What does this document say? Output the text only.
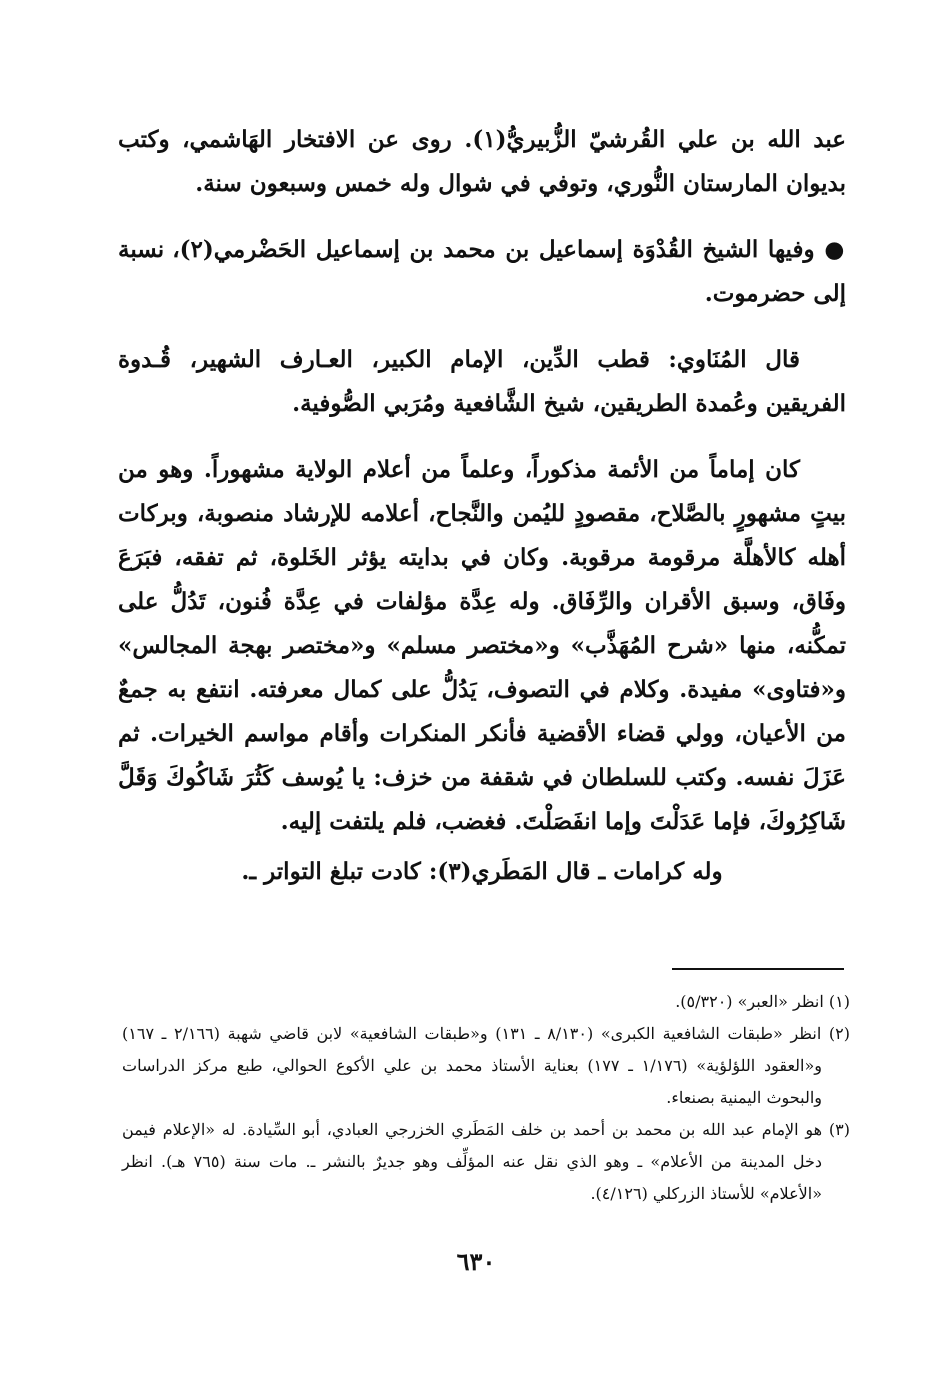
عبد الله بن علي القُرشيّ الزُّبيريُّ(١). روى عن الافتخار الهَاشمي، وكتب بديوان المارستان النُّوري، وتوفي في شوال وله خمس وسبعون سنة.

● وفيها الشيخ القُدْوَة إسماعيل بن محمد بن إسماعيل الحَضْرمي(٢)، نسبة إلى حضرموت.

قال المُنَاوي: قطب الدِّين، الإمام الكبير، العـارف الشهير، قُـدوة الفريقين وعُمدة الطريقين، شيخ الشَّافعية ومُرَبي الصُّوفية.

كان إماماً من الأئمة مذكوراً، وعلماً من أعلام الولاية مشهوراً. وهو من بيتٍ مشهورٍ بالصَّلاح، مقصودٍ لليُمن والنَّجاح، أعلامه للإرشاد منصوبة، وبركات أهله كالأهلَّة مرقومة مرقوبة. وكان في بدايته يؤثر الخَلوة، ثم تفقه، فبَرَعَ وفَاق، وسبق الأقران والرِّفَاق. وله عِدَّة مؤلفات في عِدَّة فُنون، تَدُلُّ على تمكُّنه، منها «شرح المُهَذَّب» و«مختصر مسلم» و«مختصر بهجة المجالس» و«فتاوى» مفيدة. وكلام في التصوف، يَدُلُّ على كمال معرفته. انتفع به جمعٌ من الأعيان، وولي قضاء الأقضية فأنكر المنكرات وأقام مواسم الخيرات. ثم عَزَلَ نفسه. وكتب للسلطان في شقفة من خزف: يا يُوسف كَثُرَ شَاكُوكَ وَقَلَّ شَاكِرُوكَ، فإما عَدَلْتَ وإما انفَصَلْتَ. فغضب، فلم يلتفت إليه.

وله كرامات ـ قال المَطَري(٣): كادت تبلغ التواتر ـ.

(١) انظر «العبر» (٥/٣٢٠).

(٢) انظر «طبقات الشافعية الكبرى» (٨/١٣٠ ـ ١٣١) و«طبقات الشافعية» لابن قاضي شهبة (٢/١٦٦ ـ ١٦٧) و«العقود اللؤلؤية» (١/١٧٦ ـ ١٧٧) بعناية الأستاذ محمد بن علي الأكوع الحوالي، طبع مركز الدراسات والبحوث اليمنية بصنعاء.

(٣) هو الإمام عبد الله بن محمد بن أحمد بن خلف المَطَري الخزرجي العبادي، أبو السِّيادة. له «الإعلام فيمن دخل المدينة من الأعلام» ـ وهو الذي نقل عنه المؤلِّف وهو جديرٌ بالنشر ـ. مات سنة (٧٦٥ هـ). انظر «الأعلام» للأستاذ الزركلي (٤/١٢٦).

٦٣٠
